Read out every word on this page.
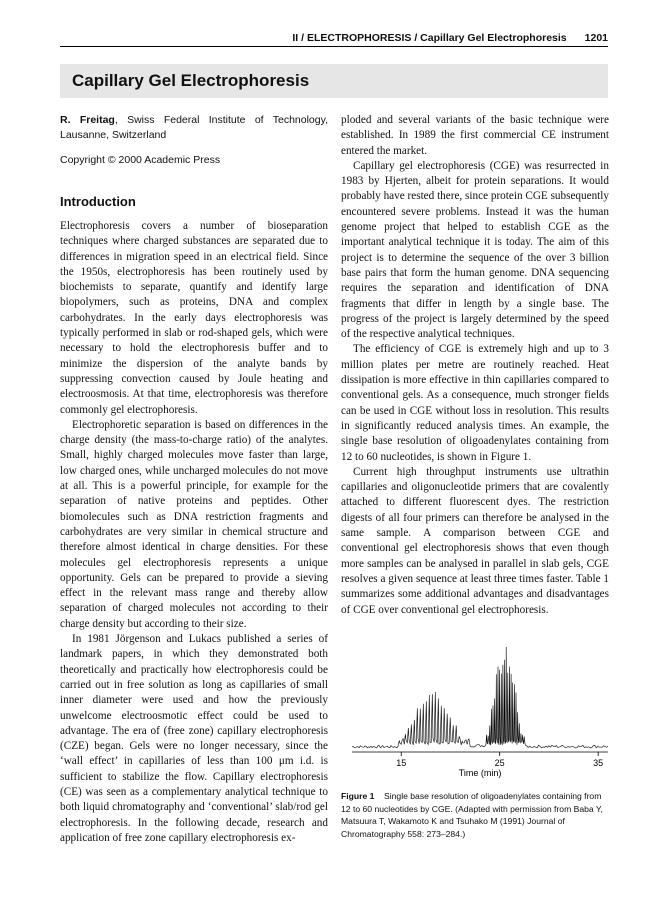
II / ELECTROPHORESIS / Capillary Gel Electrophoresis 1201
Capillary Gel Electrophoresis

R. Freitag, Swiss Federal Institute of Technology, Lausanne, Switzerland

Copyright © 2000 Academic Press

Introduction

Electrophoresis covers a number of bioseparation techniques where charged substances are separated due to differences in migration speed in an electrical field. Since the 1950s, electrophoresis has been routinely used by biochemists to separate, quantify and identify large biopolymers, such as proteins, DNA and complex carbohydrates. In the early days electrophoresis was typically performed in slab or rod-shaped gels, which were necessary to hold the electrophoresis buffer and to minimize the dispersion of the analyte bands by suppressing convection caused by Joule heating and electroosmosis. At that time, electrophoresis was therefore commonly gel electrophoresis.

Electrophoretic separation is based on differences in the charge density (the mass-to-charge ratio) of the analytes. Small, highly charged molecules move faster than large, low charged ones, while uncharged molecules do not move at all. This is a powerful principle, for example for the separation of native proteins and peptides. Other biomolecules such as DNA restriction fragments and carbohydrates are very similar in chemical structure and therefore almost identical in charge densities. For these molecules gel electrophoresis represents a unique opportunity. Gels can be prepared to provide a sieving effect in the relevant mass range and thereby allow separation of charged molecules not according to their charge density but according to their size.

In 1981 Jörgenson and Lukacs published a series of landmark papers, in which they demonstrated both theoretically and practically how electrophoresis could be carried out in free solution as long as capillaries of small inner diameter were used and how the previously unwelcome electroosmotic effect could be used to advantage. The era of (free zone) capillary electrophoresis (CZE) began. Gels were no longer necessary, since the ‘wall effect’ in capillaries of less than 100 μm i.d. is sufficient to stabilize the flow. Capillary electrophoresis (CE) was seen as a complementary analytical technique to both liquid chromatography and ‘conventional’ slab/rod gel electrophoresis. In the following decade, research and application of free zone capillary electrophoresis ex-

ploded and several variants of the basic technique were established. In 1989 the first commercial CE instrument entered the market.

Capillary gel electrophoresis (CGE) was resurrected in 1983 by Hjerten, albeit for protein separations. It would probably have rested there, since protein CGE subsequently encountered severe problems. Instead it was the human genome project that helped to establish CGE as the important analytical technique it is today. The aim of this project is to determine the sequence of the over 3 billion base pairs that form the human genome. DNA sequencing requires the separation and identification of DNA fragments that differ in length by a single base. The progress of the project is largely determined by the speed of the respective analytical techniques.

The efficiency of CGE is extremely high and up to 3 million plates per metre are routinely reached. Heat dissipation is more effective in thin capillaries compared to conventional gels. As a consequence, much stronger fields can be used in CGE without loss in resolution. This results in significantly reduced analysis times. An example, the single base resolution of oligoadenylates containing from 12 to 60 nucleotides, is shown in Figure 1.

Current high throughput instruments use ultrathin capillaries and oligonucleotide primers that are covalently attached to different fluorescent dyes. The restriction digests of all four primers can therefore be analysed in the same sample. A comparison between CGE and conventional gel electrophoresis shows that even though more samples can be analysed in parallel in slab gels, CGE resolves a given sequence at least three times faster. Table 1 summarizes some additional advantages and disadvantages of CGE over conventional gel electrophoresis.

15	25	35
Time (min)
Figure 1 Single base resolution of oligoadenylates containing from 12 to 60 nucleotides by CGE. (Adapted with permission from Baba Y, Matsuura T, Wakamoto K and Tsuhako M (1991) Journal of Chromatography 558: 273–284.)
